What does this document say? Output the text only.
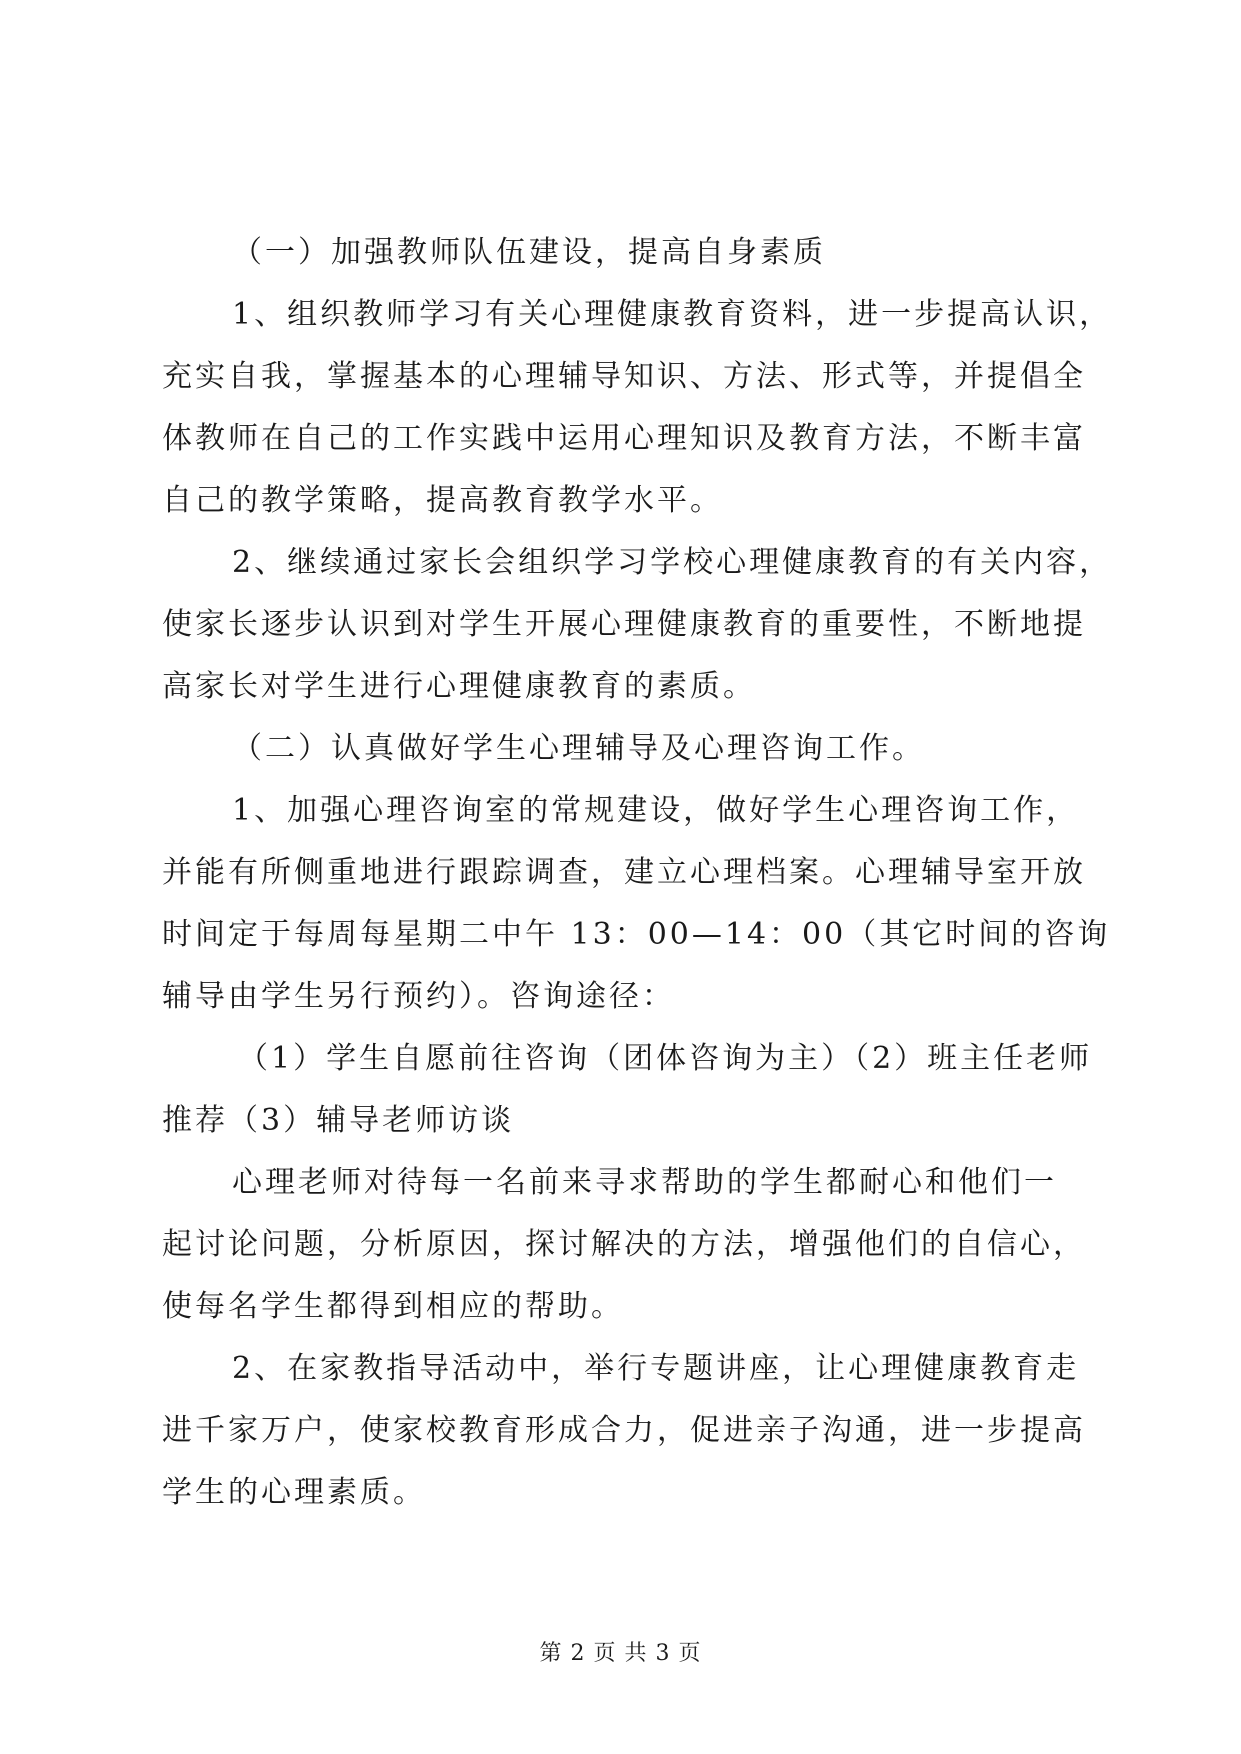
（一）加强教师队伍建设，提高自身素质
1、组织教师学习有关心理健康教育资料，进一步提高认识，
充实自我，掌握基本的心理辅导知识、方法、形式等，并提倡全
体教师在自己的工作实践中运用心理知识及教育方法，不断丰富
自己的教学策略，提高教育教学水平。
2、继续通过家长会组织学习学校心理健康教育的有关内容，
使家长逐步认识到对学生开展心理健康教育的重要性，不断地提
高家长对学生进行心理健康教育的素质。
（二）认真做好学生心理辅导及心理咨询工作。
1、加强心理咨询室的常规建设，做好学生心理咨询工作，
并能有所侧重地进行跟踪调查，建立心理档案。心理辅导室开放
时间定于每周每星期二中午 13：00—14：00（其它时间的咨询
辅导由学生另行预约）。咨询途径：
（1）学生自愿前往咨询（团体咨询为主）（2）班主任老师
推荐（3）辅导老师访谈
心理老师对待每一名前来寻求帮助的学生都耐心和他们一
起讨论问题，分析原因，探讨解决的方法，增强他们的自信心，
使每名学生都得到相应的帮助。
2、在家教指导活动中，举行专题讲座，让心理健康教育走
进千家万户，使家校教育形成合力，促进亲子沟通，进一步提高
学生的心理素质。
第 2 页 共 3 页
